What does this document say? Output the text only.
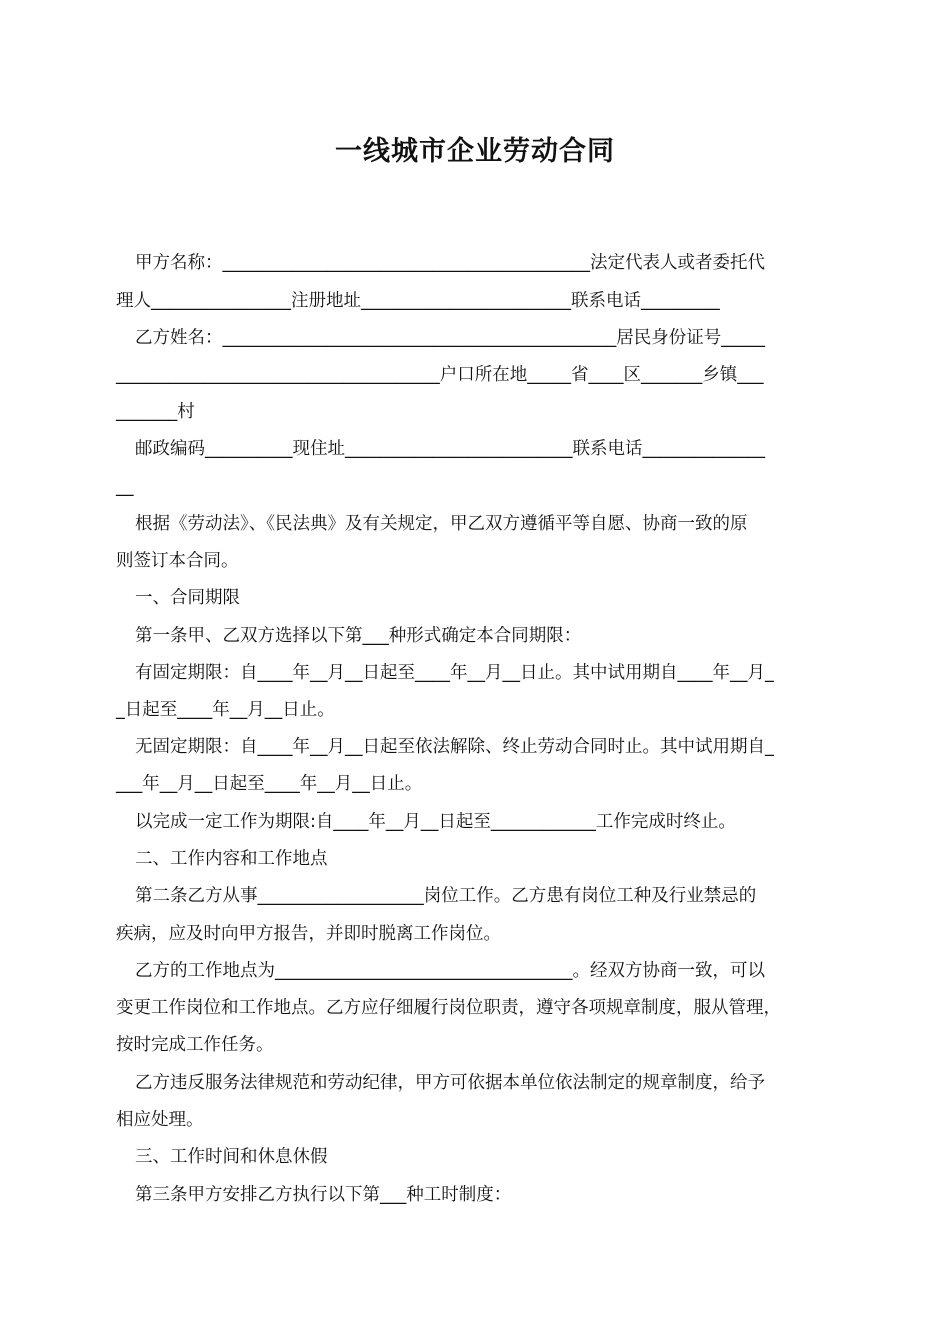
一线城市企业劳动合同
甲方名称：__________________________________________法定代表人或者委托代
理人________________注册地址________________________联系电话_________
乙方姓名：_____________________________________________居民身份证号_____
_____________________________________户口所在地_____省____区_______乡镇___
_______村
邮政编码__________现住址__________________________联系电话______________
__
根据《劳动法》、《民法典》及有关规定，甲乙双方遵循平等自愿、协商一致的原
则签订本合同。
一、合同期限
第一条甲、乙双方选择以下第___种形式确定本合同期限：
有固定期限：自____年__月__日起至____年__月__日止。其中试用期自____年__月_
_日起至____年__月__日止。
无固定期限：自____年__月__日起至依法解除、终止劳动合同时止。其中试用期自_
___年__月__日起至____年__月__日止。
以完成一定工作为期限:自____年__月__日起至____________工作完成时终止。
二、工作内容和工作地点
第二条乙方从事___________________岗位工作。乙方患有岗位工种及行业禁忌的
疾病，应及时向甲方报告，并即时脱离工作岗位。
乙方的工作地点为__________________________________。经双方协商一致，可以
变更工作岗位和工作地点。乙方应仔细履行岗位职责，遵守各项规章制度，服从管理，
按时完成工作任务。
乙方违反服务法律规范和劳动纪律，甲方可依据本单位依法制定的规章制度，给予
相应处理。
三、工作时间和休息休假
第三条甲方安排乙方执行以下第___种工时制度：
